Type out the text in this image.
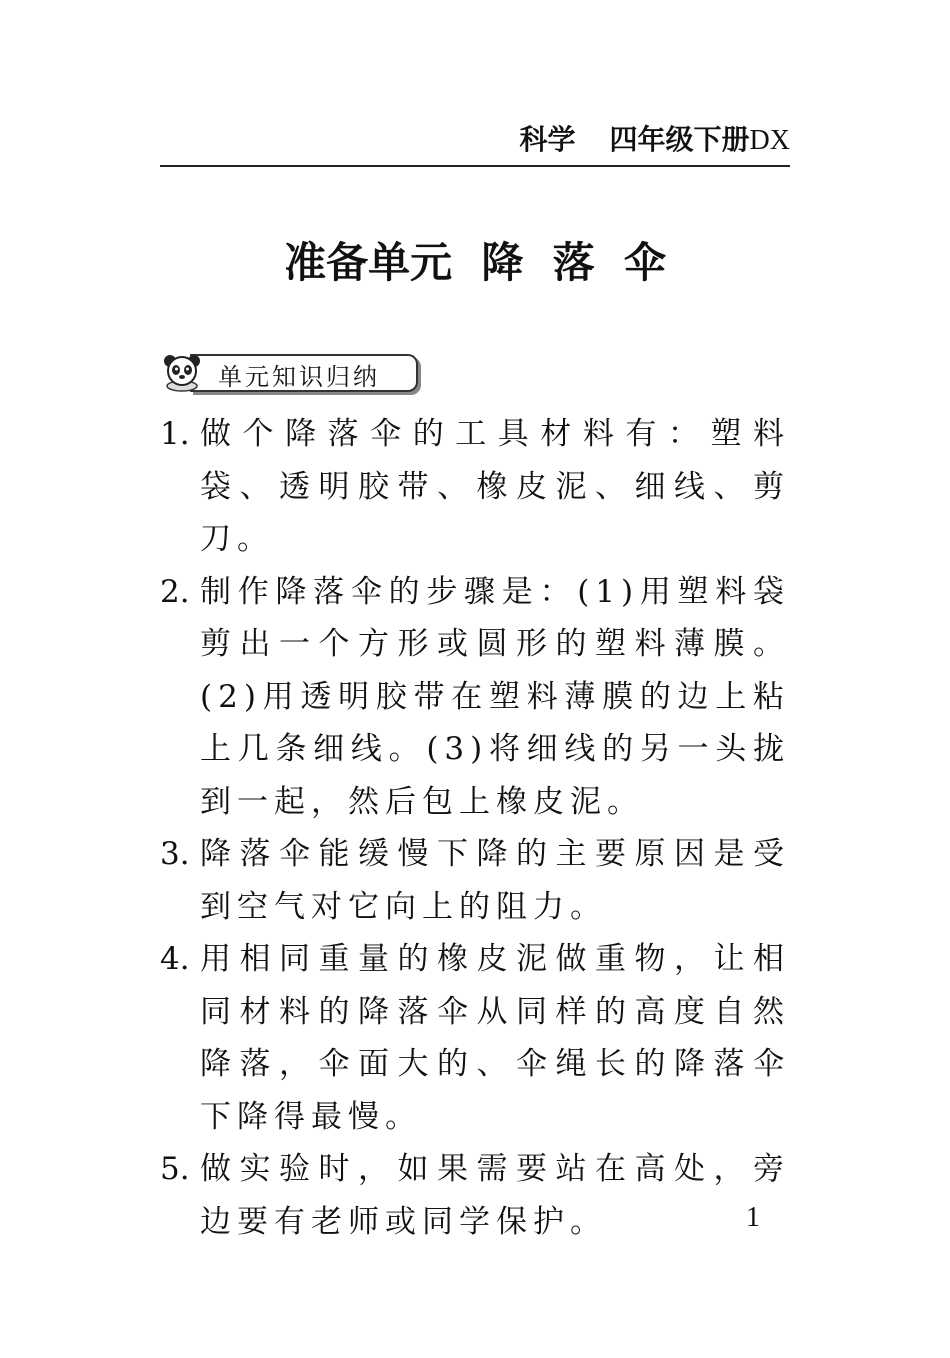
科学 四年级下册DX
准备单元  降  落  伞
单元知识归纳
1. 做个降落伞的工具材料有：塑料袋、透明胶带、橡皮泥、细线、剪刀。
2. 制作降落伞的步骤是：(1)用塑料袋剪出一个方形或圆形的塑料薄膜。(2)用透明胶带在塑料薄膜的边上粘上几条细线。(3)将细线的另一头拢到一起，然后包上橡皮泥。
3. 降落伞能缓慢下降的主要原因是受到空气对它向上的阻力。
4. 用相同重量的橡皮泥做重物，让相同材料的降落伞从同样的高度自然降落，伞面大的、伞绳长的降落伞下降得最慢。
5. 做实验时，如果需要站在高处，旁边要有老师或同学保护。	1
